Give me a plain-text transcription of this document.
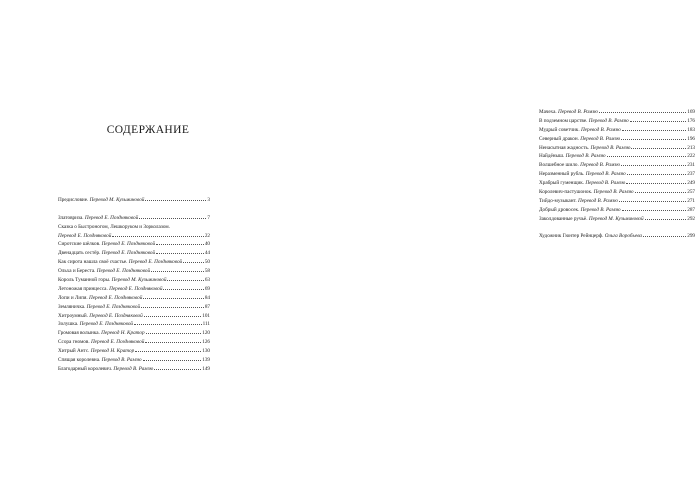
СОДЕРЖАНИЕ
Предисловие. Перевод М. Кузьминовой	3
Златовриза. Перевод Е. Поздняковой	7
Сказка о Быстроногом, Лешкоруком и Зорколазом.
Перевод Е. Поздняковой	22
Сиротские шёлков. Перевод Е. Поздняковой	40
Двенадцать сестёр. Перевод Е. Поздняковой	44
Как сирота нашла своё счастье. Перевод Е. Поздняковой	50
Ольха и Береста. Перевод Е. Поздняковой	58
Король Туманной горы. Перевод М. Кузьминовой	63
Летоножая принцесса. Перевод Е. Поздняковой	69
Лопи и Липя. Перевод Е. Поздняковой	84
Земляничка. Перевод Е. Поздняковой	87
Хитроумный. Перевод Е. Поздняковой	101
Золушка. Перевод Е. Поздняковой	111
Громовая волынка. Перевод Н. Кратор	120
Ссора гномов. Перевод Е. Поздняковой	126
Хитрый Антс. Перевод Н. Кратор	130
Спящая королевна. Перевод В. Рамзю	139
Благодарный королевич. Перевод В. Рамзю	149
Мачеха. Перевод В. Рамзю	169
В подземном царстве. Перевод В. Рамзю	176
Мудрый советчик. Перевод В. Рамзю	183
Северный дракон. Перевод В. Рамзю	196
Ненасытная жадность. Перевод В. Рамзю	213
Найдёныш. Перевод В. Рамзю	222
Волшебное шило. Перевод В. Рамзю	231
Неразменный рубль. Перевод В. Рамзю	237
Храбрый гуменщик. Перевод В. Рамзю	249
Королевич-пастушонок. Перевод В. Рамзю	257
Тийдо-музыкант. Перевод В. Рамзю	271
Добрый дровосек. Перевод В. Рамзю	287
Заколдованные ручьё. Перевод М. Кузьминовой	292
Художник Гюнтер Рейнцерф. Ольга Воробьева	299
